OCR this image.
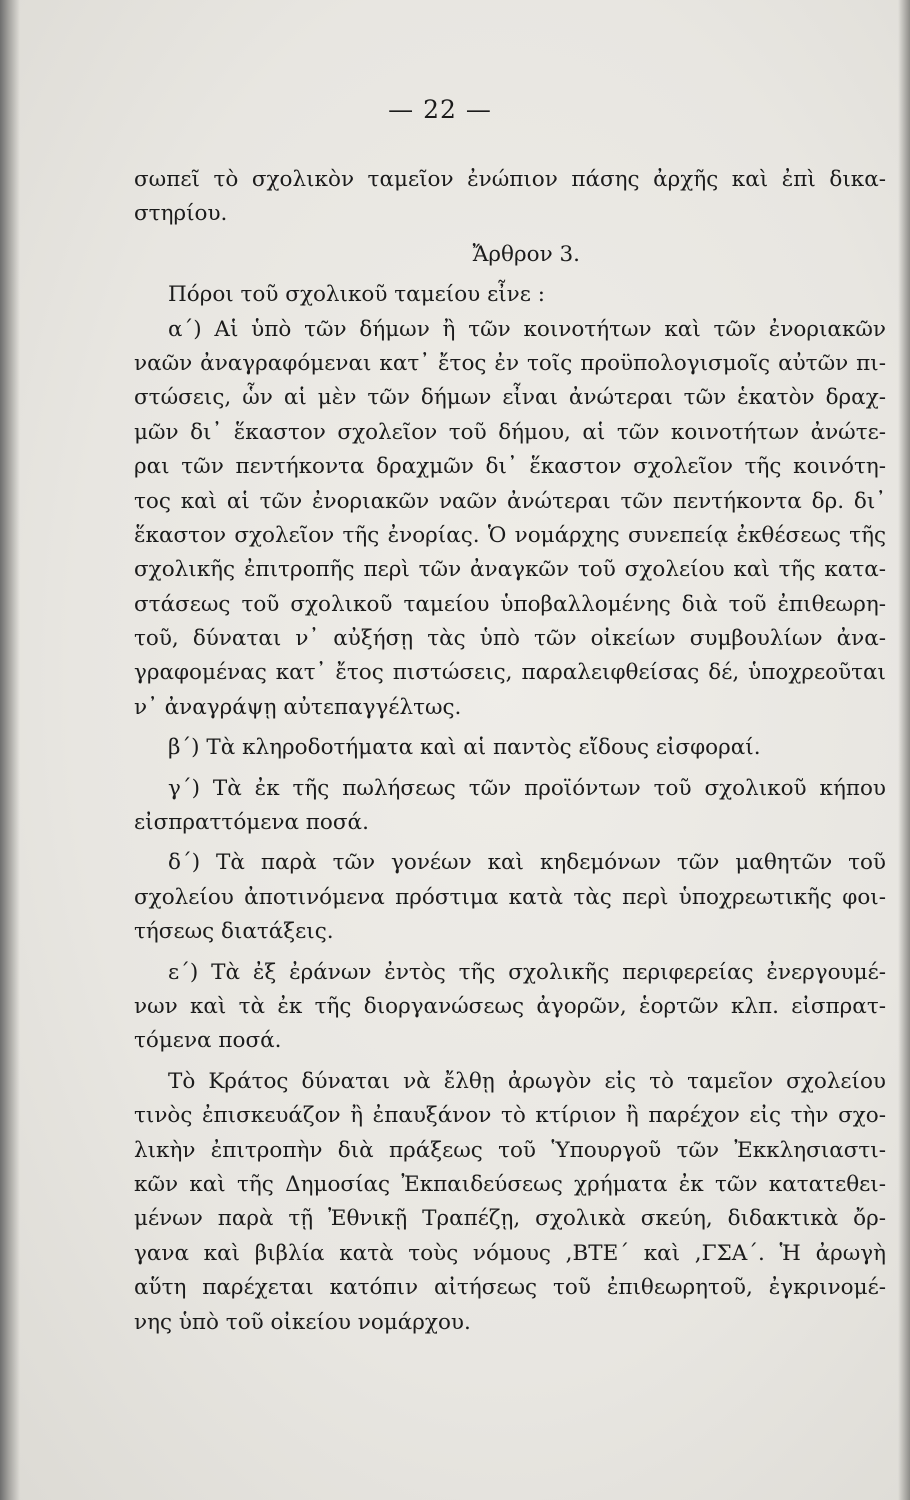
— 22 —
σωπεῖ τὸ σχολικὸν ταμεῖον ἐνώπιον πάσης ἀρχῆς καὶ ἐπὶ δικα-
στηρίου.
Ἄρθρον 3.
Πόροι τοῦ σχολικοῦ ταμείου εἶνε :
α΄) Αἱ ὑπὸ τῶν δήμων ἢ τῶν κοινοτήτων καὶ τῶν ἐνοριακῶν
ναῶν ἀναγραφόμεναι κατ᾽ ἔτος ἐν τοῖς προϋπολογισμοῖς αὐτῶν πι-
στώσεις, ὧν αἱ μὲν τῶν δήμων εἶναι ἀνώτεραι τῶν ἑκατὸν δραχ-
μῶν δι᾽ ἕκαστον σχολεῖον τοῦ δήμου, αἱ τῶν κοινοτήτων ἀνώτε-
ραι τῶν πεντήκοντα δραχμῶν δι᾽ ἕκαστον σχολεῖον τῆς κοινότη-
τος καὶ αἱ τῶν ἐνοριακῶν ναῶν ἀνώτεραι τῶν πεντήκοντα δρ. δι᾽
ἕκαστον σχολεῖον τῆς ἐνορίας. Ὁ νομάρχης συνεπείᾳ ἐκθέσεως τῆς
σχολικῆς ἐπιτροπῆς περὶ τῶν ἀναγκῶν τοῦ σχολείου καὶ τῆς κατα-
στάσεως τοῦ σχολικοῦ ταμείου ὑποβαλλομένης διὰ τοῦ ἐπιθεωρη-
τοῦ, δύναται ν᾽ αὐξήσῃ τὰς ὑπὸ τῶν οἰκείων συμβουλίων ἀνα-
γραφομένας κατ᾽ ἔτος πιστώσεις, παραλειφθείσας δέ, ὑποχρεοῦται
ν᾽ ἀναγράψῃ αὐτεπαγγέλτως.
β΄) Τὰ κληροδοτήματα καὶ αἱ παντὸς εἴδους εἰσφοραί.
γ΄) Τὰ ἐκ τῆς πωλήσεως τῶν προϊόντων τοῦ σχολικοῦ κήπου
εἰσπραττόμενα ποσά.
δ΄) Τὰ παρὰ τῶν γονέων καὶ κηδεμόνων τῶν μαθητῶν τοῦ
σχολείου ἀποτινόμενα πρόστιμα κατὰ τὰς περὶ ὑποχρεωτικῆς φοι-
τήσεως διατάξεις.
ε΄) Τὰ ἐξ ἐράνων ἐντὸς τῆς σχολικῆς περιφερείας ἐνεργουμέ-
νων καὶ τὰ ἐκ τῆς διοργανώσεως ἀγορῶν, ἑορτῶν κλπ. εἰσπρατ-
τόμενα ποσά.
Τὸ Κράτος δύναται νὰ ἔλθῃ ἀρωγὸν εἰς τὸ ταμεῖον σχολείου
τινὸς ἐπισκευάζον ἢ ἐπαυξάνον τὸ κτίριον ἢ παρέχον εἰς τὴν σχο-
λικὴν ἐπιτροπὴν διὰ πράξεως τοῦ Ὑπουργοῦ τῶν Ἐκκλησιαστι-
κῶν καὶ τῆς Δημοσίας Ἐκπαιδεύσεως χρήματα ἐκ τῶν κατατεθει-
μένων παρὰ τῇ Ἐθνικῇ Τραπέζῃ, σχολικὰ σκεύη, διδακτικὰ ὄρ-
γανα καὶ βιβλία κατὰ τοὺς νόμους ,ΒΤΕ΄ καὶ ,ΓΣΑ΄. Ἡ ἀρωγὴ
αὕτη παρέχεται κατόπιν αἰτήσεως τοῦ ἐπιθεωρητοῦ, ἐγκρινομέ-
νης ὑπὸ τοῦ οἰκείου νομάρχου.
